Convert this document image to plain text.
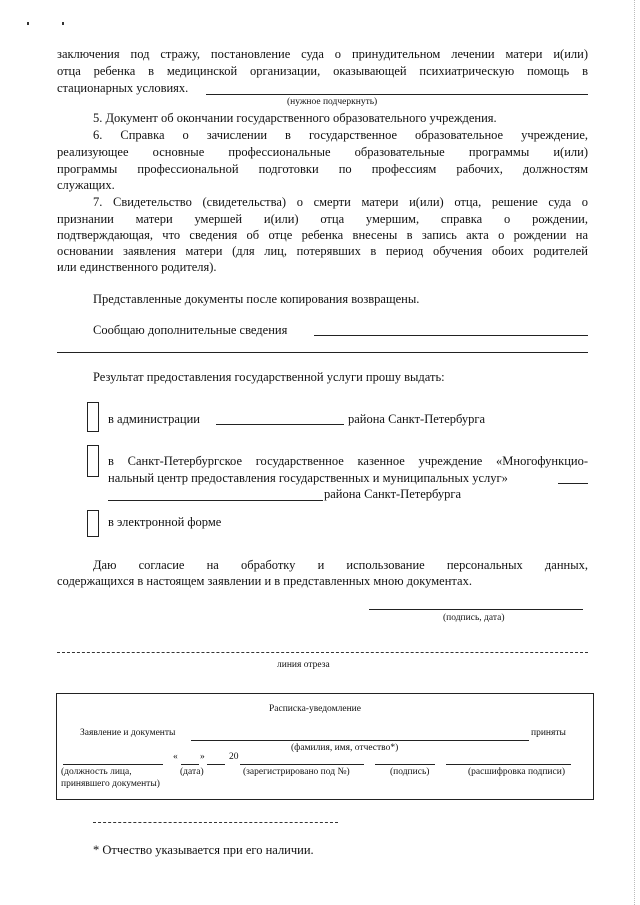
заключения под стражу, постановление суда о принудительном лечении матери и(или)
отца ребенка в медицинской организации, оказывающей психиатрическую помощь в
стационарных условиях.
(нужное подчеркнуть)
5. Документ об окончании государственного образовательного учреждения.
6. Справка о зачислении в государственное образовательное учреждение,
реализующее основные профессиональные образовательные программы и(или)
программы профессиональной подготовки по профессиям рабочих, должностям
служащих.
7. Свидетельство (свидетельства) о смерти матери и(или) отца, решение суда о
признании матери умершей и(или) отца умершим, справка о рождении,
подтверждающая, что сведения об отце ребенка внесены в запись акта о рождении на
основании заявления матери (для лиц, потерявших в период обучения обоих родителей
или единственного родителя).
Представленные документы после копирования возвращены.
Сообщаю дополнительные сведения
Результат предоставления государственной услуги прошу выдать:
в администрации	района Санкт-Петербурга
в Санкт-Петербургское государственное казенное учреждение «Многофункцио-
нальный центр предоставления государственных и муниципальных услуг»
района Санкт-Петербурга
в электронной форме
Даю согласие на обработку и использование персональных данных,
содержащихся в настоящем заявлении и в представленных мною документах.
(подпись, дата)
линия отреза
Расписка-уведомление
Заявление и документы	приняты
(фамилия, имя, отчество*)
« »	20
(должность лица,
принявшего документы)
(дата)	(зарегистрировано под №)	(подпись)	(расшифровка подписи)
* Отчество указывается при его наличии.
